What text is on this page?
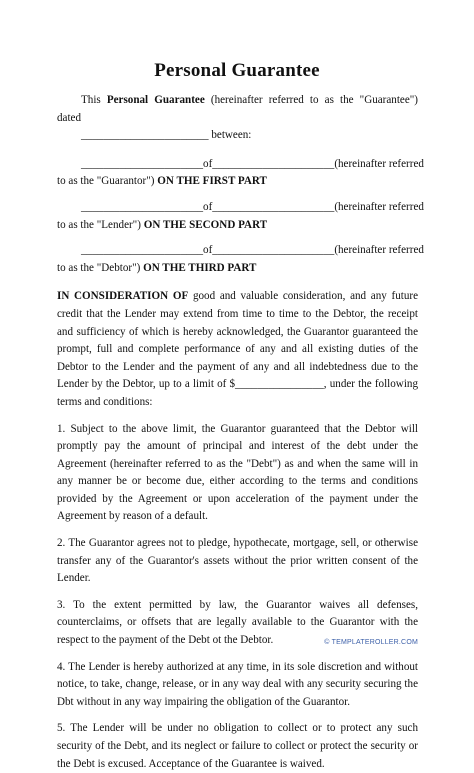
Personal Guarantee

This Personal Guarantee (hereinafter referred to as the "Guarantee") dated

_______________________ between:

______________________ of ______________________ (hereinafter referred

to as the "Guarantor") ON THE FIRST PART

______________________ of ______________________ (hereinafter referred

to as the "Lender") ON THE SECOND PART

______________________ of ______________________ (hereinafter referred

to as the "Debtor") ON THE THIRD PART

IN CONSIDERATION OF good and valuable consideration, and any future credit that the Lender may extend from time to time to the Debtor, the receipt and sufficiency of which is hereby acknowledged, the Guarantor guaranteed the prompt, full and complete performance of any and all existing duties of the Debtor to the Lender and the payment of any and all indebtedness due to the Lender by the Debtor, up to a limit of $________________, under the following terms and conditions:

1. Subject to the above limit, the Guarantor guaranteed that the Debtor will promptly pay the amount of principal and interest of the debt under the Agreement (hereinafter referred to as the "Debt") as and when the same will in any manner be or become due, either according to the terms and conditions provided by the Agreement or upon acceleration of the payment under the Agreement by reason of a default.

2. The Guarantor agrees not to pledge, hypothecate, mortgage, sell, or otherwise transfer any of the Guarantor's assets without the prior written consent of the Lender.

3. To the extent permitted by law, the Guarantor waives all defenses, counterclaims, or offsets that are legally available to the Guarantor with the respect to the payment of the Debt ot the Debtor.

4. The Lender is hereby authorized at any time, in its sole discretion and without notice, to take, change, release, or in any way deal with any security securing the Dbt without in any way impairing the obligation of the Guarantor.

5. The Lender will be under no obligation to collect or to protect any such security of the Debt, and its neglect or failure to collect or protect the security or the Debt is excused. Acceptance of the Guarantee is waived.

© TEMPLATEROLLER.COM
